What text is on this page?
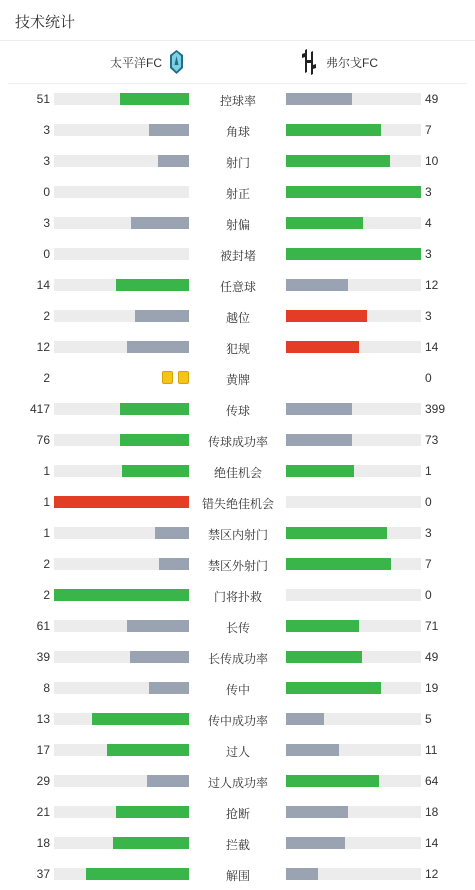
技术统计
太平洋FC	弗尔戈FC
51	控球率	49
3	角球	7
3	射门	10
0	射正	3
3	射偏	4
0	被封堵	3
14	任意球	12
2	越位	3
12	犯规	14
2	黄牌	0
417	传球	399
76	传球成功率	73
1	绝佳机会	1
1	错失绝佳机会	0
1	禁区内射门	3
2	禁区外射门	7
2	门将扑救	0
61	长传	71
39	长传成功率	49
8	传中	19
13	传中成功率	5
17	过人	11
29	过人成功率	64
21	抢断	18
18	拦截	14
37	解围	12
